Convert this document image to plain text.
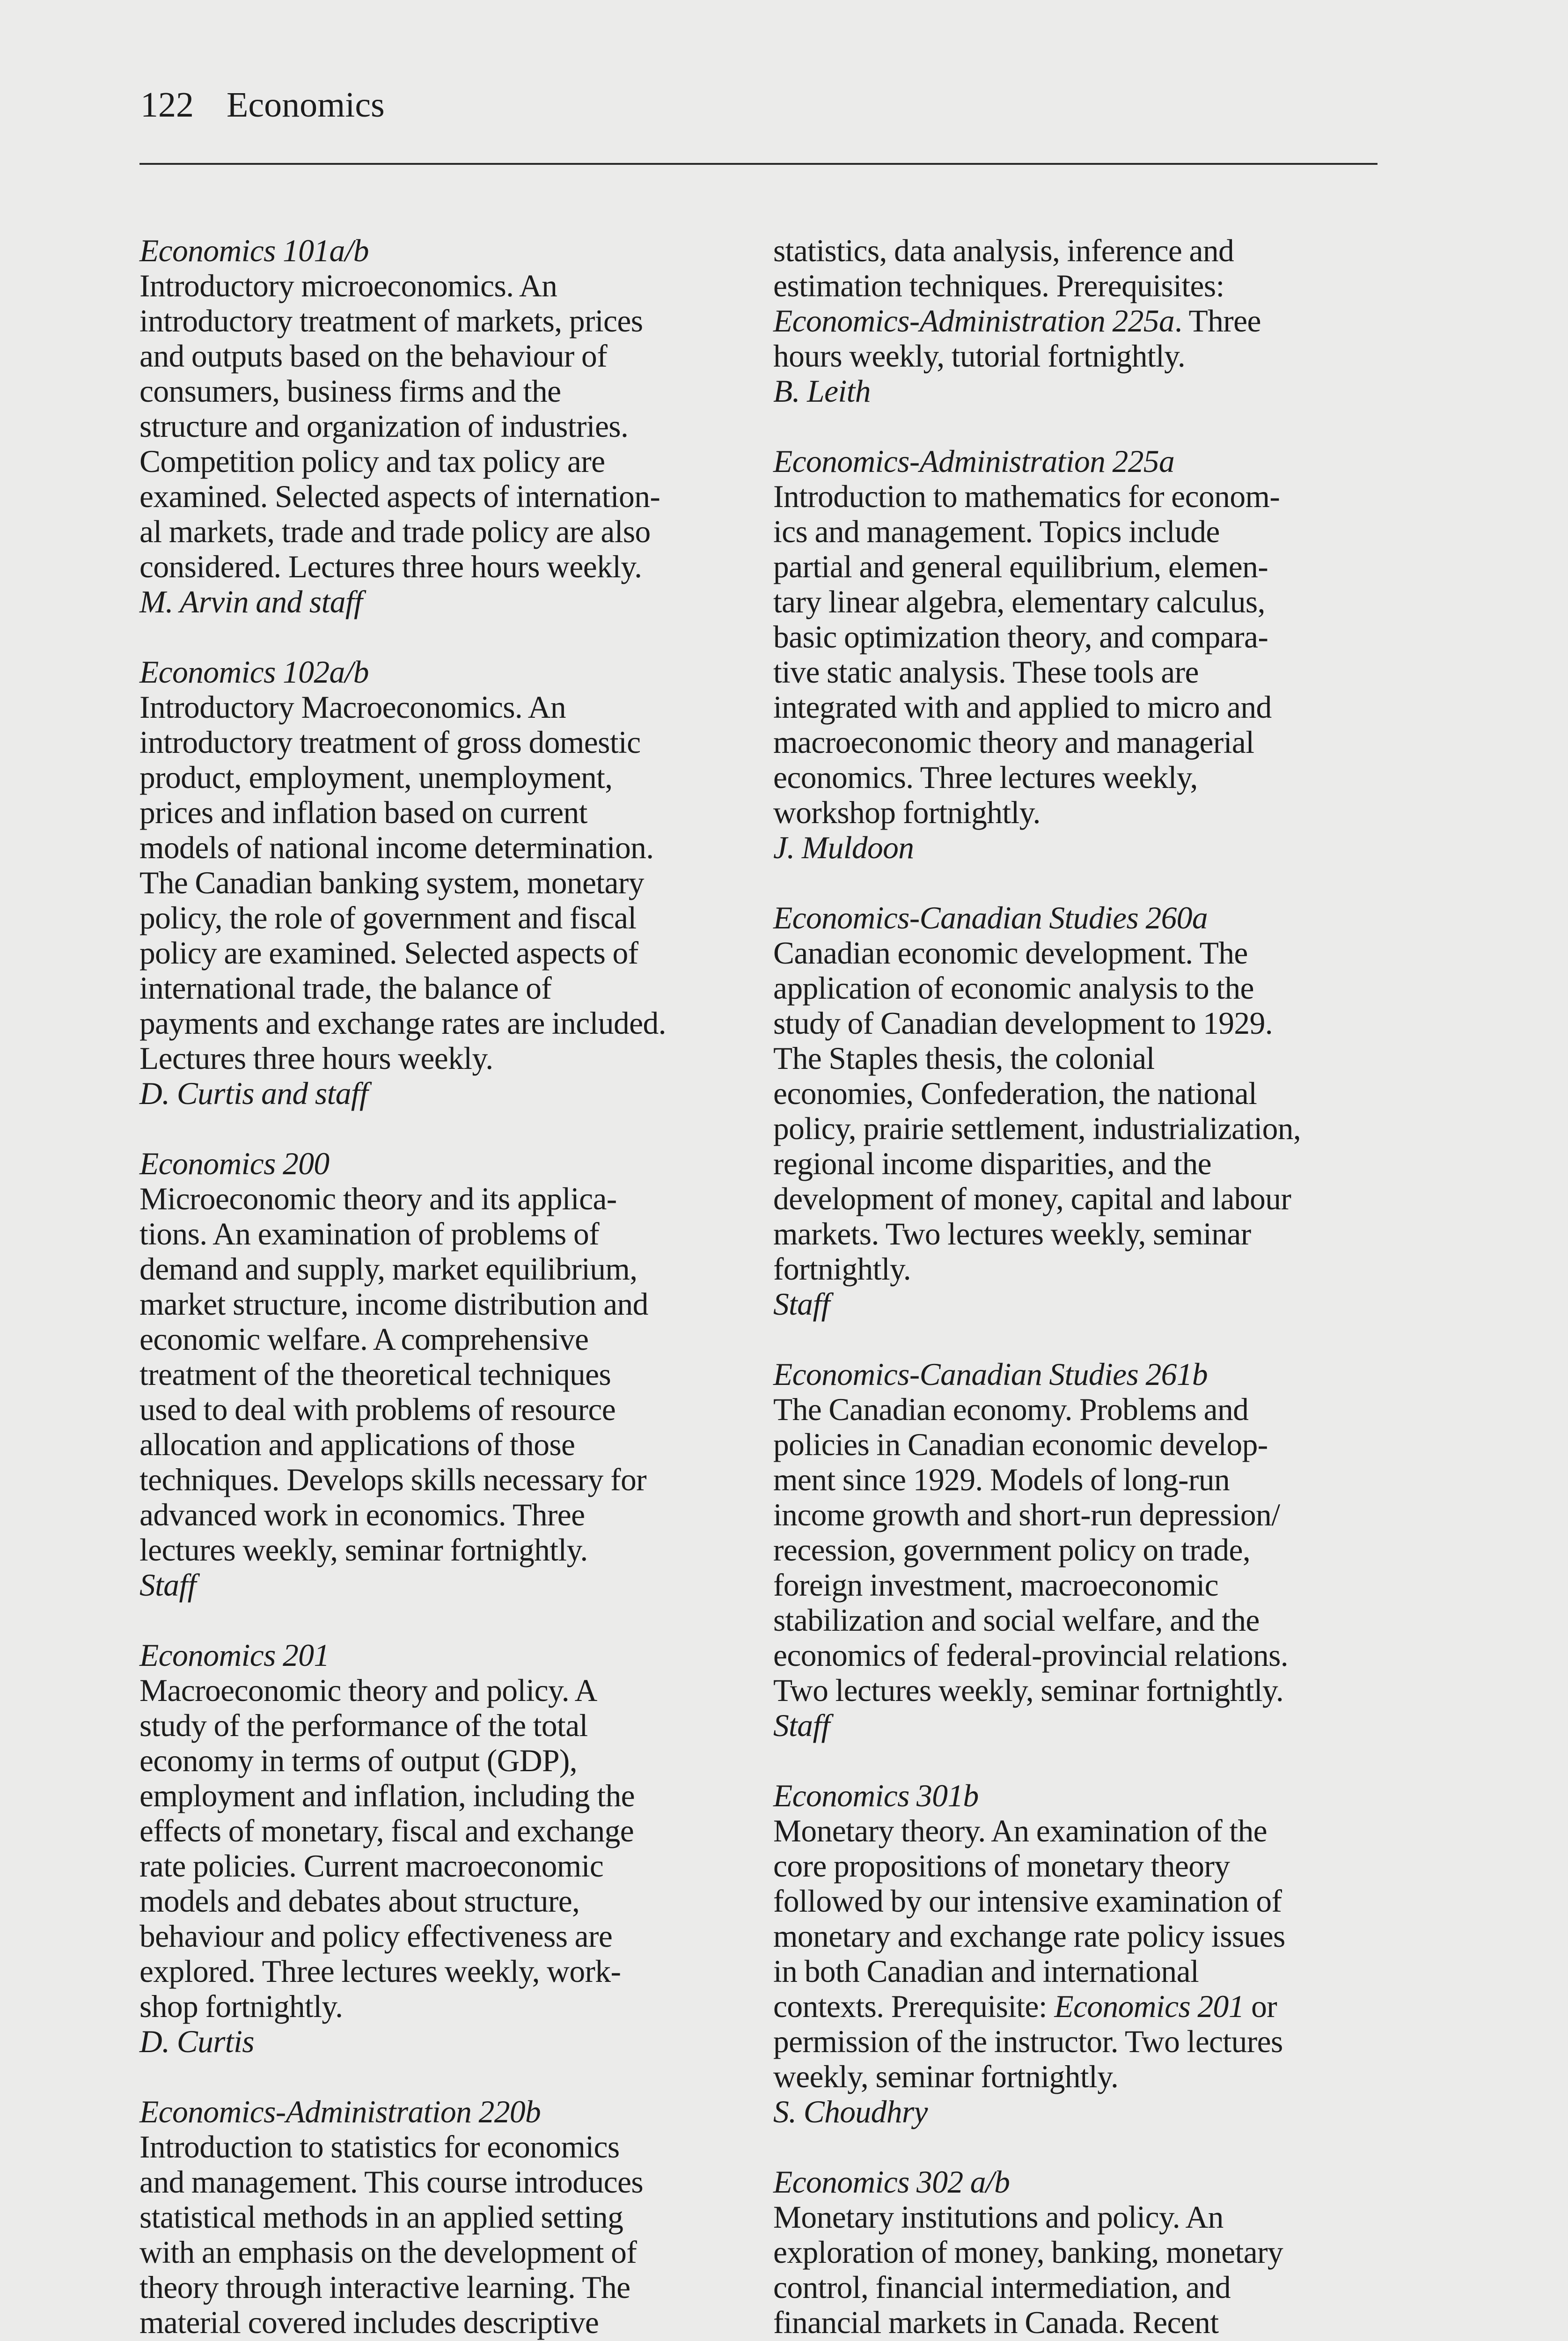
122 Economics
Economics 101a/b
Introductory microeconomics. An
introductory treatment of markets, prices
and outputs based on the behaviour of
consumers, business firms and the
structure and organization of industries.
Competition policy and tax policy are
examined. Selected aspects of internation-
al markets, trade and trade policy are also
considered. Lectures three hours weekly.
M. Arvin and staff
Economics 102a/b
Introductory Macroeconomics. An
introductory treatment of gross domestic
product, employment, unemployment,
prices and inflation based on current
models of national income determination.
The Canadian banking system, monetary
policy, the role of government and fiscal
policy are examined. Selected aspects of
international trade, the balance of
payments and exchange rates are included.
Lectures three hours weekly.
D. Curtis and staff
Economics 200
Microeconomic theory and its applica-
tions. An examination of problems of
demand and supply, market equilibrium,
market structure, income distribution and
economic welfare. A comprehensive
treatment of the theoretical techniques
used to deal with problems of resource
allocation and applications of those
techniques. Develops skills necessary for
advanced work in economics. Three
lectures weekly, seminar fortnightly.
Staff
Economics 201
Macroeconomic theory and policy. A
study of the performance of the total
economy in terms of output (GDP),
employment and inflation, including the
effects of monetary, fiscal and exchange
rate policies. Current macroeconomic
models and debates about structure,
behaviour and policy effectiveness are
explored. Three lectures weekly, work-
shop fortnightly.
D. Curtis
Economics-Administration 220b
Introduction to statistics for economics
and management. This course introduces
statistical methods in an applied setting
with an emphasis on the development of
theory through interactive learning. The
material covered includes descriptive
statistics, data analysis, inference and
estimation techniques. Prerequisites:
Economics-Administration 225a. Three
hours weekly, tutorial fortnightly.
B. Leith
Economics-Administration 225a
Introduction to mathematics for econom-
ics and management. Topics include
partial and general equilibrium, elemen-
tary linear algebra, elementary calculus,
basic optimization theory, and compara-
tive static analysis. These tools are
integrated with and applied to micro and
macroeconomic theory and managerial
economics. Three lectures weekly,
workshop fortnightly.
J. Muldoon
Economics-Canadian Studies 260a
Canadian economic development. The
application of economic analysis to the
study of Canadian development to 1929.
The Staples thesis, the colonial
economies, Confederation, the national
policy, prairie settlement, industrialization,
regional income disparities, and the
development of money, capital and labour
markets. Two lectures weekly, seminar
fortnightly.
Staff
Economics-Canadian Studies 261b
The Canadian economy. Problems and
policies in Canadian economic develop-
ment since 1929. Models of long-run
income growth and short-run depression/
recession, government policy on trade,
foreign investment, macroeconomic
stabilization and social welfare, and the
economics of federal-provincial relations.
Two lectures weekly, seminar fortnightly.
Staff
Economics 301b
Monetary theory. An examination of the
core propositions of monetary theory
followed by our intensive examination of
monetary and exchange rate policy issues
in both Canadian and international
contexts. Prerequisite: Economics 201 or
permission of the instructor. Two lectures
weekly, seminar fortnightly.
S. Choudhry
Economics 302 a/b
Monetary institutions and policy. An
exploration of money, banking, monetary
control, financial intermediation, and
financial markets in Canada. Recent
